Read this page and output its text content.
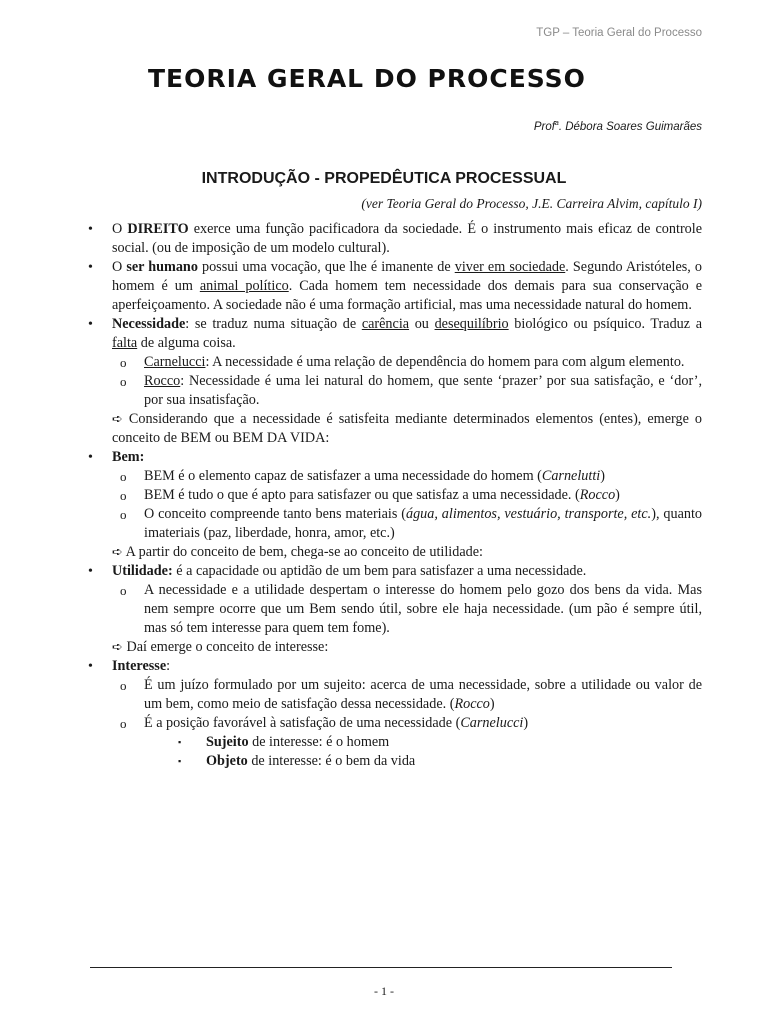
TGP – Teoria Geral do Processo
TEORIA GERAL DO PROCESSO
Prof$^a$. Débora Soares Guimarães
INTRODUÇÃO - PROPEDÊUTICA PROCESSUAL
(ver Teoria Geral do Processo, J.E. Carreira Alvim, capítulo I)

• O DIREITO exerce uma função pacificadora da sociedade. É o instrumento mais eficaz de controle social. (ou de imposição de um modelo cultural).

• O ser humano possui uma vocação, que lhe é imanente de viver em sociedade. Segundo Aristóteles, o homem é um animal político. Cada homem tem necessidade dos demais para sua conservação e aperfeiçoamento. A sociedade não é uma formação artificial, mas uma necessidade natural do homem.

• Necessidade: se traduz numa situação de carência ou desequilíbrio biológico ou psíquico. Traduz a falta de alguma coisa.

o Carnelucci: A necessidade é uma relação de dependência do homem para com algum elemento.

o Rocco: Necessidade é uma lei natural do homem, que sente ‘prazer’ por sua satisfação, e ‘dor’, por sua insatisfação.

➪ Considerando que a necessidade é satisfeita mediante determinados elementos (entes), emerge o conceito de BEM ou BEM DA VIDA:

• Bem:

o BEM é o elemento capaz de satisfazer a uma necessidade do homem (Carnelutti)

o BEM é tudo o que é apto para satisfazer ou que satisfaz a uma necessidade. (Rocco)

o O conceito compreende tanto bens materiais (água, alimentos, vestuário, transporte, etc.), quanto imateriais (paz, liberdade, honra, amor, etc.)

➪ A partir do conceito de bem, chega-se ao conceito de utilidade:

• Utilidade: é a capacidade ou aptidão de um bem para satisfazer a uma necessidade.

o A necessidade e a utilidade despertam o interesse do homem pelo gozo dos bens da vida. Mas nem sempre ocorre que um Bem sendo útil, sobre ele haja necessidade. (um pão é sempre útil, mas só tem interesse para quem tem fome).

➪ Daí emerge o conceito de interesse:

• Interesse:

o É um juízo formulado por um sujeito: acerca de uma necessidade, sobre a utilidade ou valor de um bem, como meio de satisfação dessa necessidade. (Rocco)

o É a posição favorável à satisfação de uma necessidade (Carnelucci)

▪ Sujeito de interesse: é o homem

▪ Objeto de interesse: é o bem da vida

- 1 -
